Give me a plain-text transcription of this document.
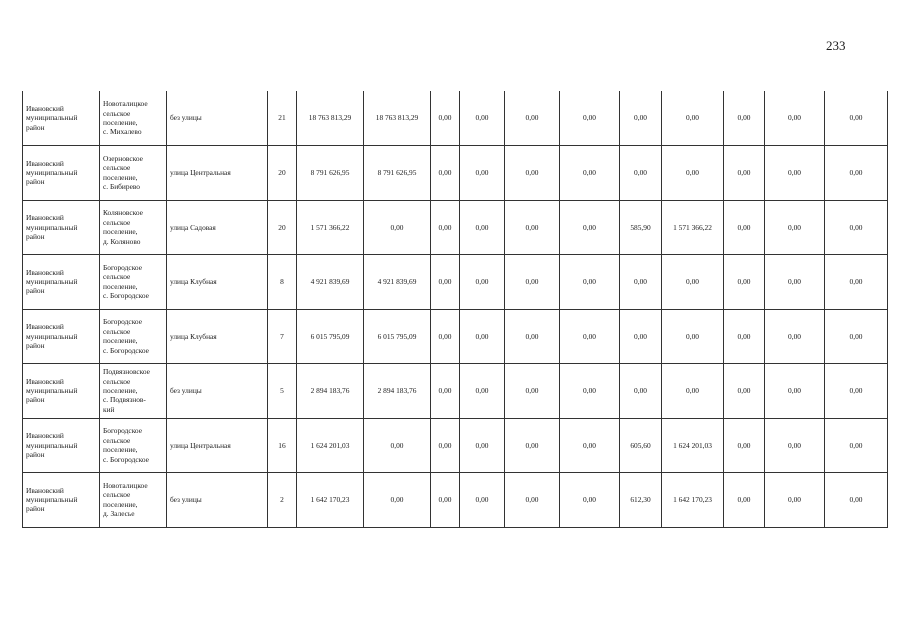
233
Ивановский
муниципальный
район	Новоталицкое
сельское
поселение,
с. Михалево	без улицы	21	18 763 813,29	18 763 813,29	0,00	0,00	0,00	0,00	0,00	0,00	0,00	0,00	0,00

Ивановский
муниципальный
район	Озерновское
сельское
поселение,
с. Бибирево	улица Центральная	20	8 791 626,95	8 791 626,95	0,00	0,00	0,00	0,00	0,00	0,00	0,00	0,00	0,00

Ивановский
муниципальный
район	Коляновское
сельское
поселение,
д. Коляново	улица Садовая	20	1 571 366,22	0,00	0,00	0,00	0,00	0,00	585,90	1 571 366,22	0,00	0,00	0,00

Ивановский
муниципальный
район	Богородское
сельское
поселение,
с. Богородское	улица Клубная	8	4 921 839,69	4 921 839,69	0,00	0,00	0,00	0,00	0,00	0,00	0,00	0,00	0,00

Ивановский
муниципальный
район	Богородское
сельское
поселение,
с. Богородское	улица Клубная	7	6 015 795,09	6 015 795,09	0,00	0,00	0,00	0,00	0,00	0,00	0,00	0,00	0,00

Ивановский
муниципальный
район	Подвязновское
сельское
поселение,
с. Подвязнов-
кий	без улицы	5	2 894 183,76	2 894 183,76	0,00	0,00	0,00	0,00	0,00	0,00	0,00	0,00	0,00

Ивановский
муниципальный
район	Богородское
сельское
поселение,
с. Богородское	улица Центральная	16	1 624 201,03	0,00	0,00	0,00	0,00	0,00	605,60	1 624 201,03	0,00	0,00	0,00

Ивановский
муниципальный
район	Новоталицкое
сельское
поселение,
д. Залесье	без улицы	2	1 642 170,23	0,00	0,00	0,00	0,00	0,00	612,30	1 642 170,23	0,00	0,00	0,00
